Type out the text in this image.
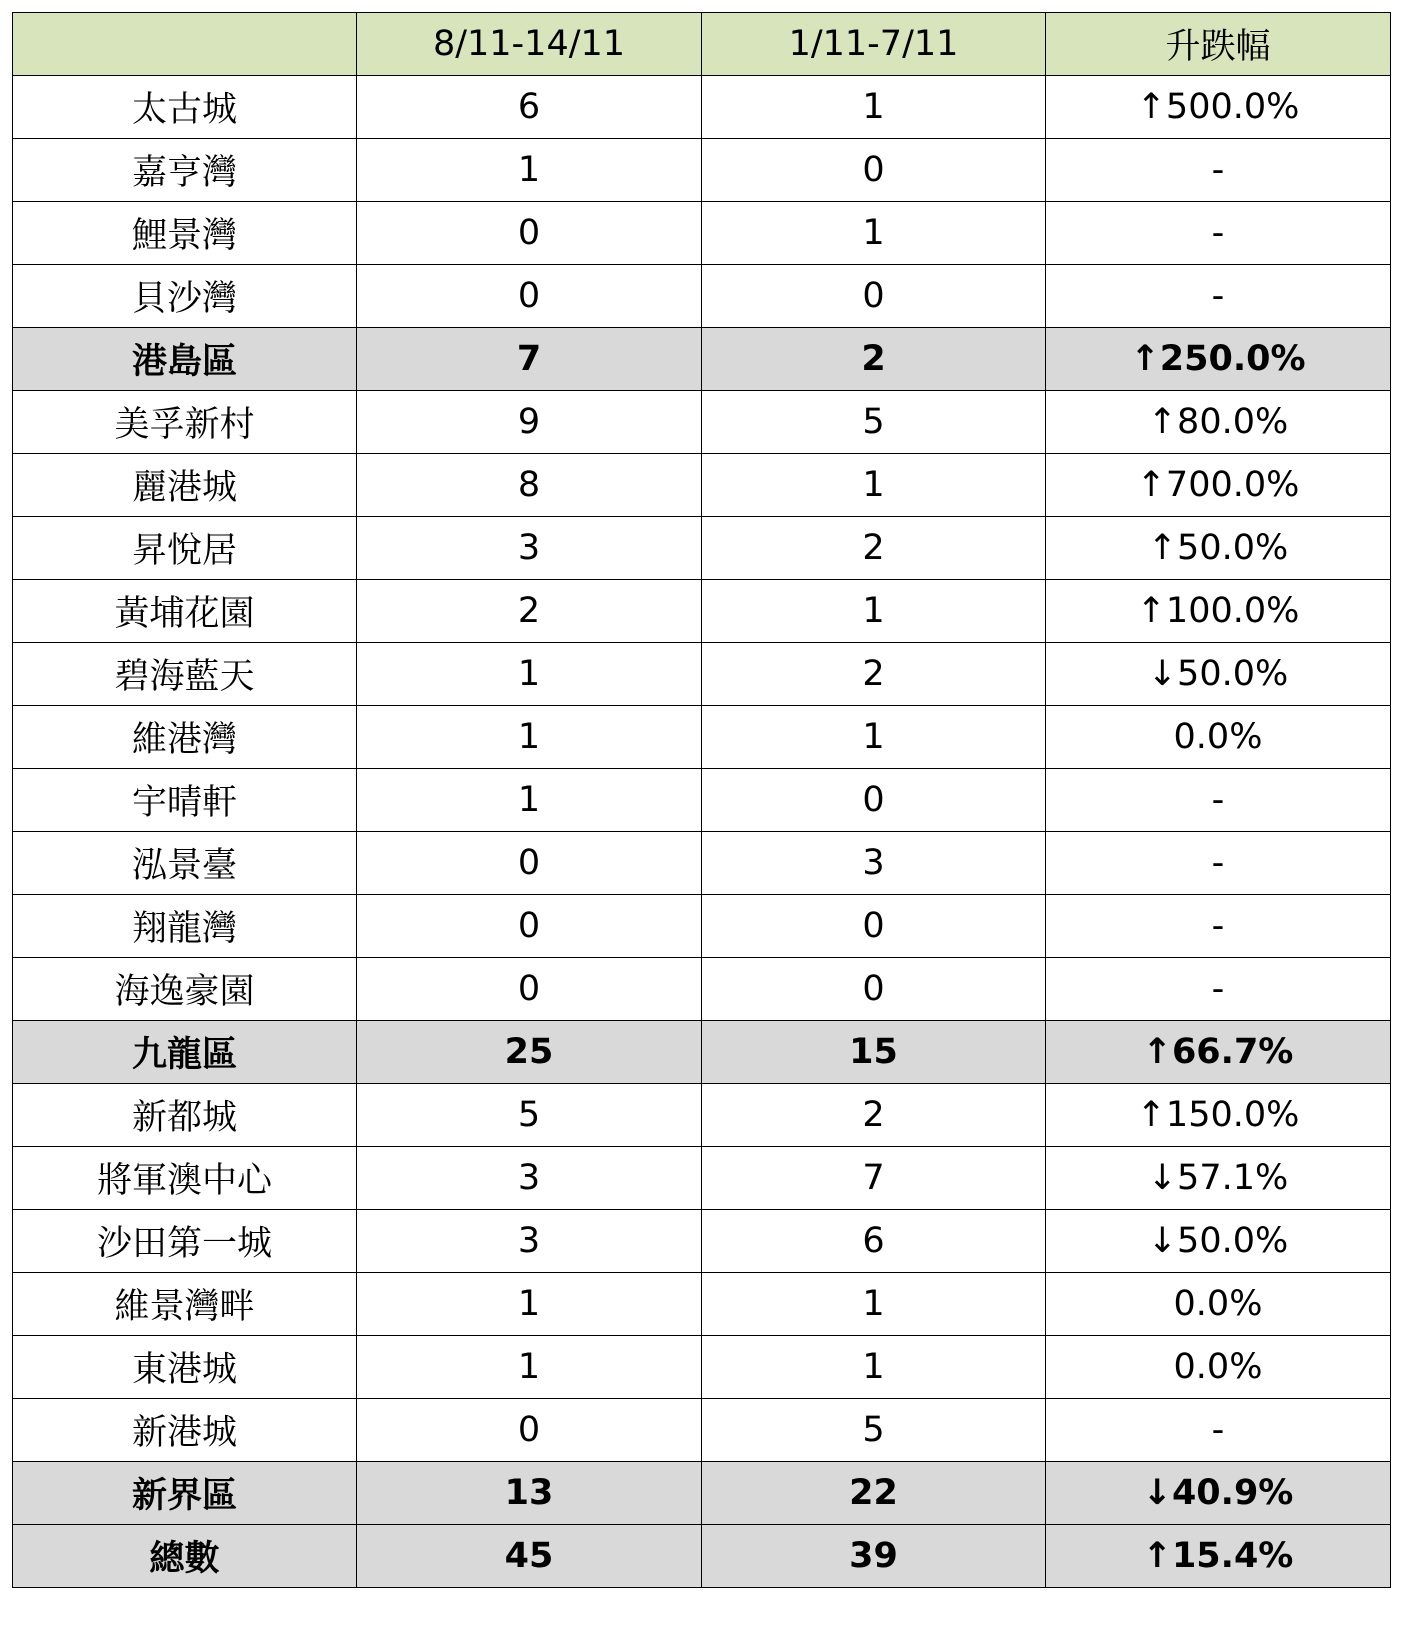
	8/11-14/11	1/11-7/11	升跌幅
太古城	6	1	↑500.0%
嘉亨灣	1	0	-
鯉景灣	0	1	-
貝沙灣	0	0	-
港島區	7	2	↑250.0%
美孚新村	9	5	↑80.0%
麗港城	8	1	↑700.0%
昇悅居	3	2	↑50.0%
黃埔花園	2	1	↑100.0%
碧海藍天	1	2	↓50.0%
維港灣	1	1	0.0%
宇晴軒	1	0	-
泓景臺	0	3	-
翔龍灣	0	0	-
海逸豪園	0	0	-
九龍區	25	15	↑66.7%
新都城	5	2	↑150.0%
將軍澳中心	3	7	↓57.1%
沙田第一城	3	6	↓50.0%
維景灣畔	1	1	0.0%
東港城	1	1	0.0%
新港城	0	5	-
新界區	13	22	↓40.9%
總數	45	39	↑15.4%
